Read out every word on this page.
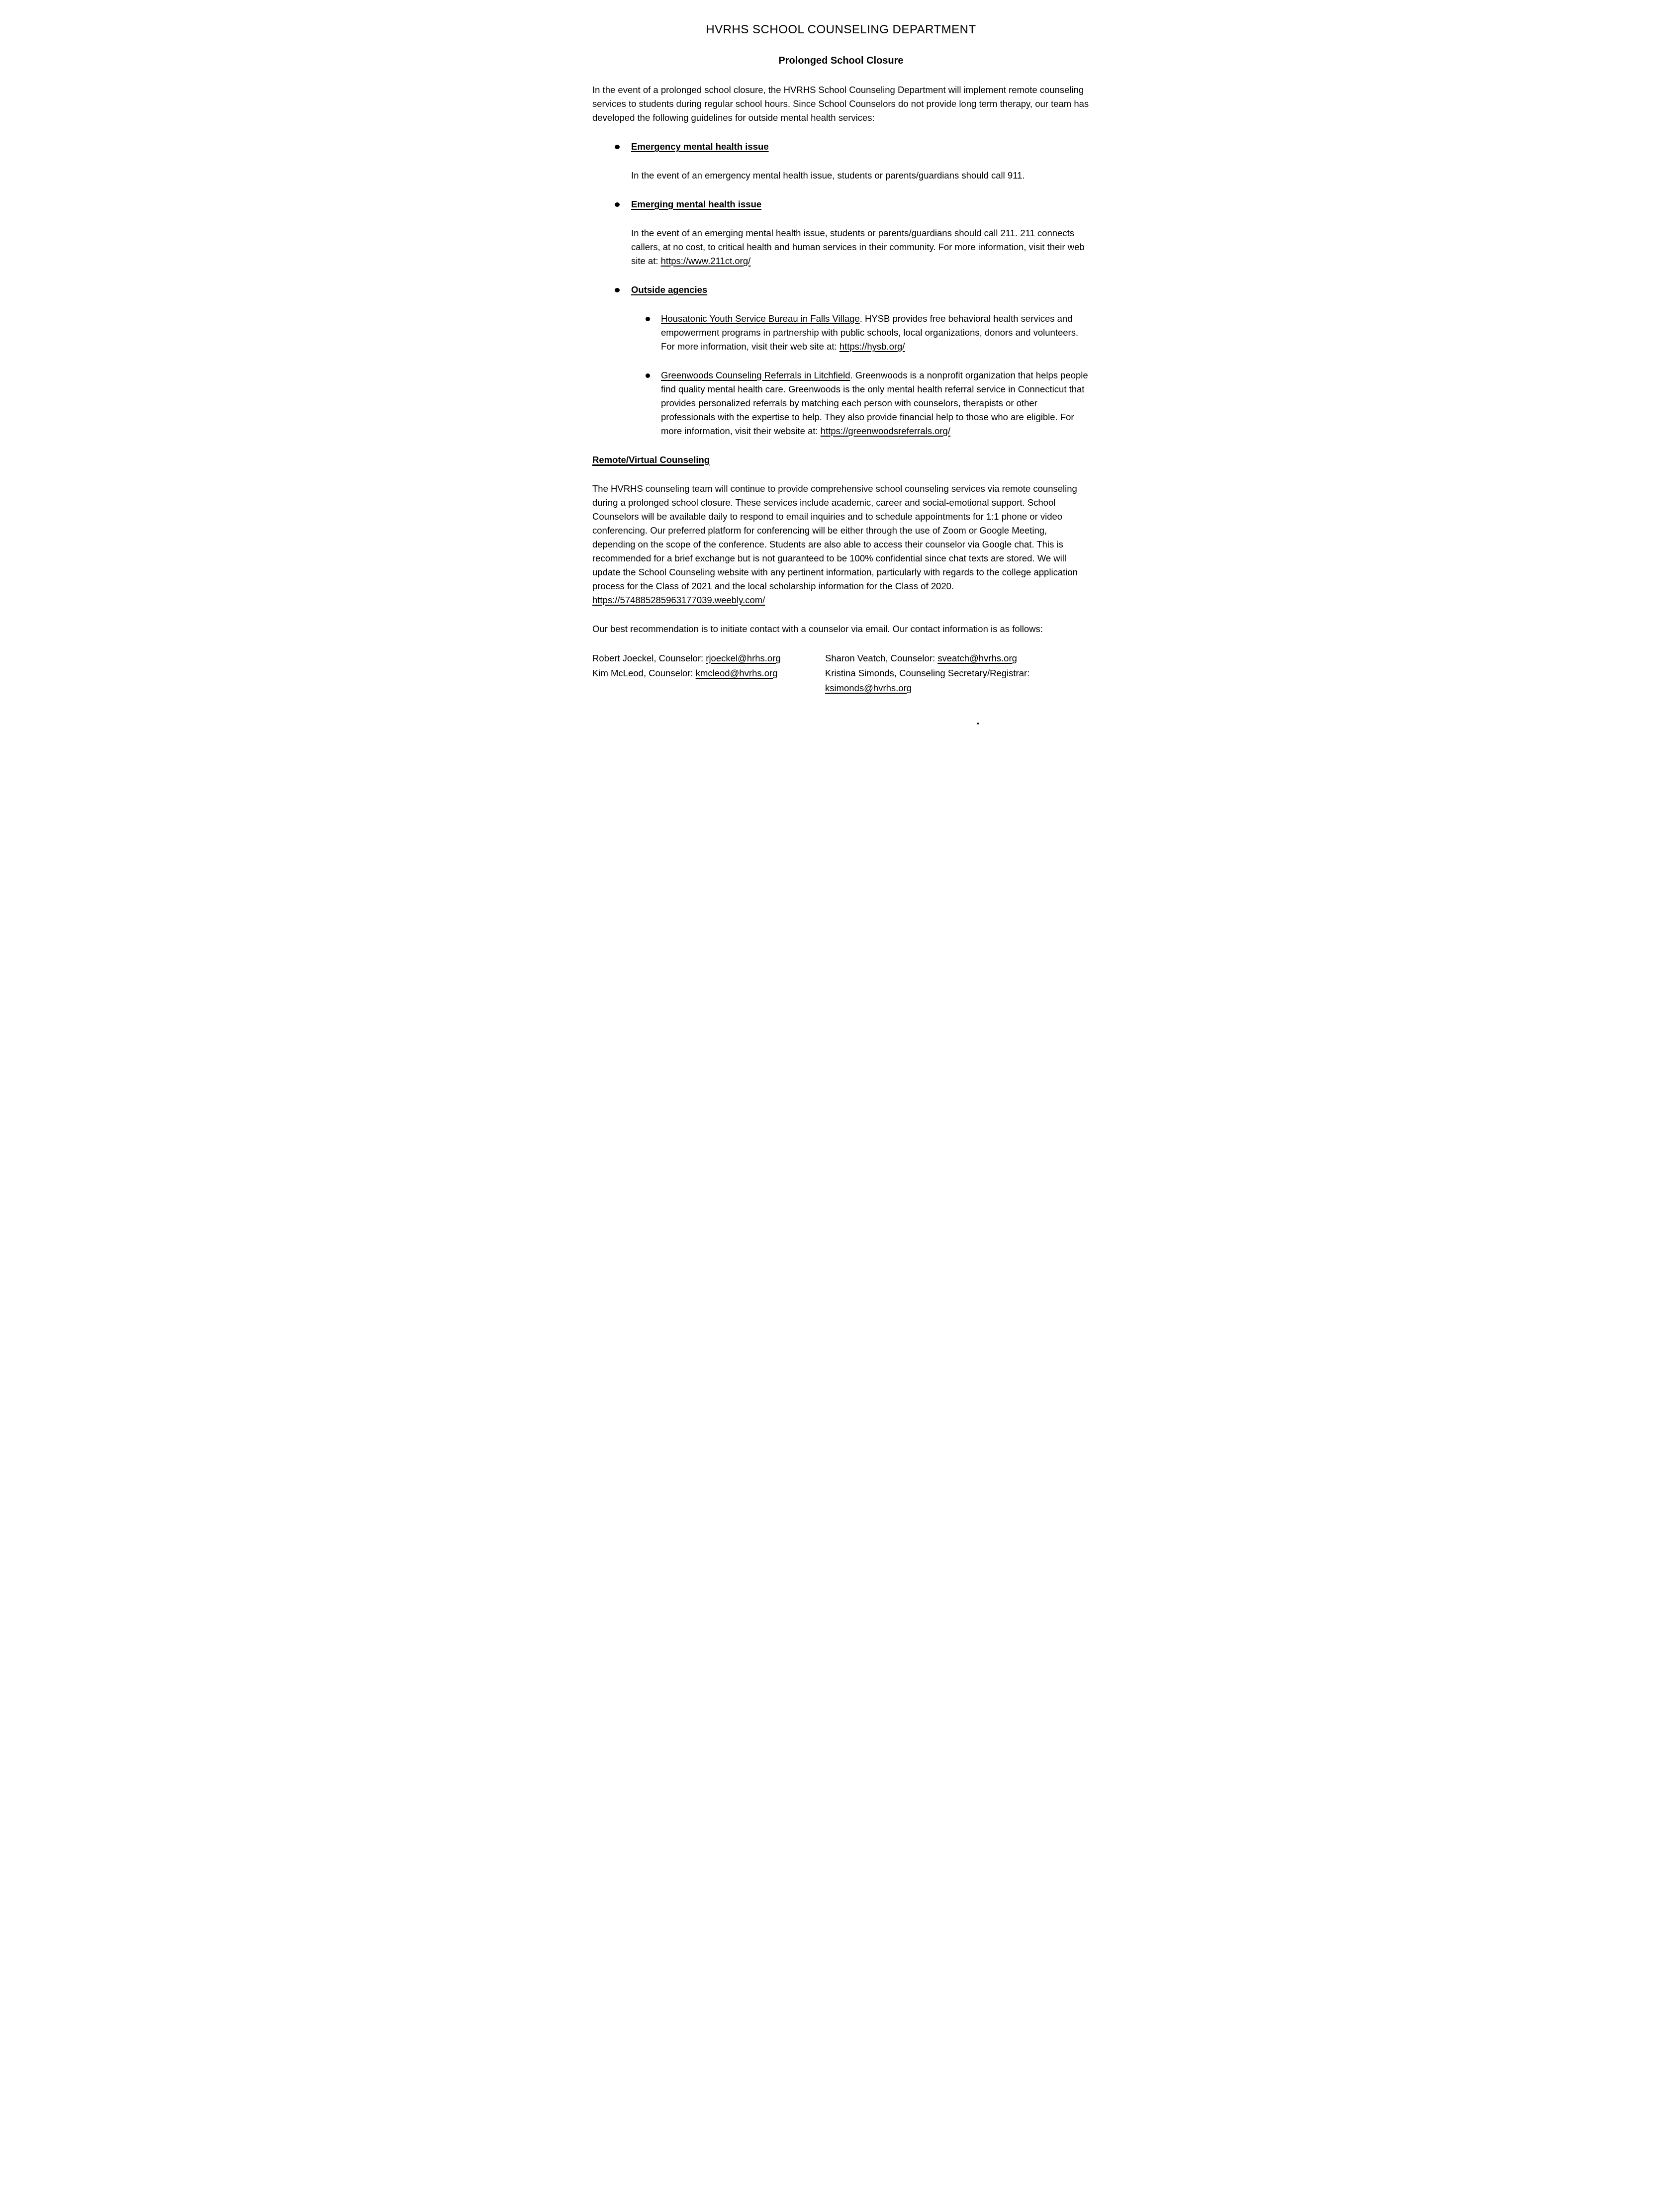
HVRHS SCHOOL COUNSELING DEPARTMENT
Prolonged School Closure

In the event of a prolonged school closure, the HVRHS School Counseling Department will implement remote counseling services to students during regular school hours. Since School Counselors do not provide long term therapy, our team has developed the following guidelines for outside mental health services:

Emergency mental health issue

In the event of an emergency mental health issue, students or parents/guardians should call 911.

Emerging mental health issue

In the event of an emerging mental health issue, students or parents/guardians should call 211. 211 connects callers, at no cost, to critical health and human services in their community. For more information, visit their web site at: https://www.211ct.org/

Outside agencies
Housatonic Youth Service Bureau in Falls Village. HYSB provides free behavioral health services and empowerment programs in partnership with public schools, local organizations, donors and volunteers. For more information, visit their web site at: https://hysb.org/
Greenwoods Counseling Referrals in Litchfield. Greenwoods is a nonprofit organization that helps people find quality mental health care. Greenwoods is the only mental health referral service in Connecticut that provides personalized referrals by matching each person with counselors, therapists or other professionals with the expertise to help. They also provide financial help to those who are eligible. For more information, visit their website at: https://greenwoodsreferrals.org/
Remote/Virtual Counseling

The HVRHS counseling team will continue to provide comprehensive school counseling services via remote counseling during a prolonged school closure. These services include academic, career and social-emotional support. School Counselors will be available daily to respond to email inquiries and to schedule appointments for 1:1 phone or video conferencing. Our preferred platform for conferencing will be either through the use of Zoom or Google Meeting, depending on the scope of the conference. Students are also able to access their counselor via Google chat. This is recommended for a brief exchange but is not guaranteed to be 100% confidential since chat texts are stored. We will update the School Counseling website with any pertinent information, particularly with regards to the college application process for the Class of 2021 and the local scholarship information for the Class of 2020. https://574885285963177039.weebly.com/

Our best recommendation is to initiate contact with a counselor via email. Our contact information is as follows:

Robert Joeckel, Counselor: rjoeckel@hrhs.org

Kim McLeod, Counselor: kmcleod@hvrhs.org

Sharon Veatch, Counselor: sveatch@hvrhs.org

Kristina Simonds, Counseling Secretary/Registrar:

ksimonds@hvrhs.org
